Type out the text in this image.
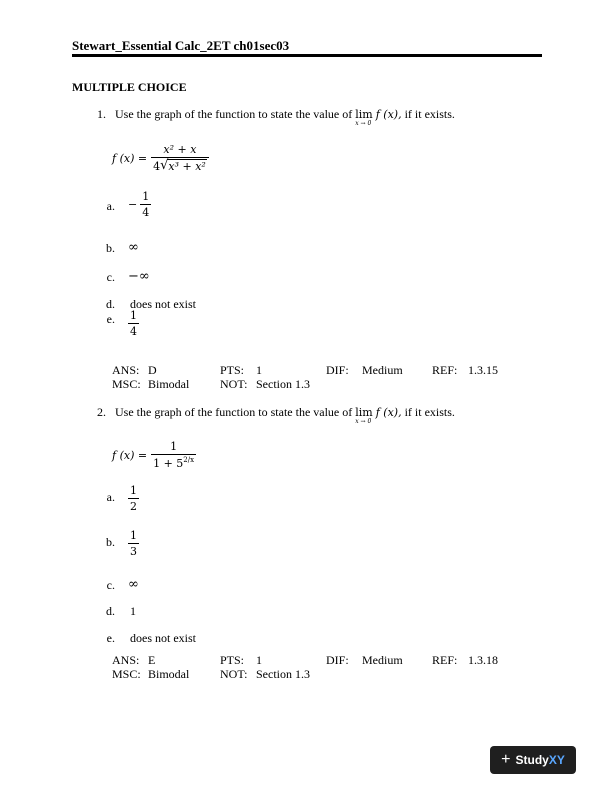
Stewart_Essential Calc_2ET ch01sec03
MULTIPLE CHOICE
1. Use the graph of the function to state the value of lim
x → 0
f (x), if it exists.
f $(x) = \frac{\text{x² + x}}{\text{4 √ x³ + x²}}$
a. − $\frac{1}{4}$
b. ∞
c. −∞
d. does not exist
e. $\frac{1}{4}$
ANS: D	PTS: 1	DIF: Medium REF: 1.3.15
MSC: Bimodal	NOT: Section 1.3
2. Use the graph of the function to state the value of lim
x → 0
f (x), if it exists.
f $(x) = \frac{1}{1 + 5^{2/x}}$
a. $\frac{1}{2}$
b. $\frac{1}{3}$
c. ∞
d. 1
e. does not exist
ANS: E	PTS: 1	DIF: Medium REF: 1.3.18
MSC: Bimodal	NOT: Section 1.3
+ Study XY
